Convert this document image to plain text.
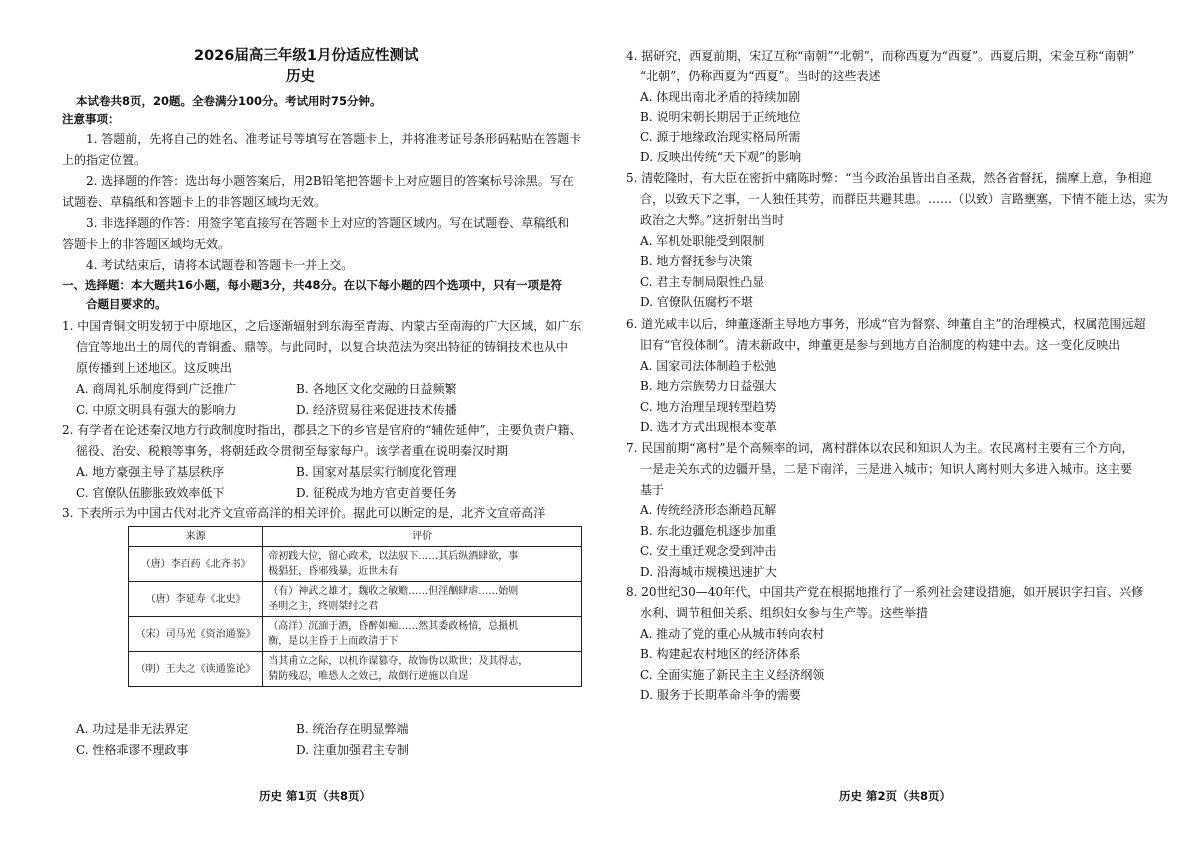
2026届高三年级1月份适应性测试
历史
本试卷共8页，20题。全卷满分100分。考试用时75分钟。
注意事项：
1. 答题前，先将自己的姓名、准考证号等填写在答题卡上，并将准考证号条形码粘贴在答题卡
上的指定位置。
2. 选择题的作答：选出每小题答案后，用2B铅笔把答题卡上对应题目的答案标号涂黑。写在
试题卷、草稿纸和答题卡上的非答题区域均无效。
3. 非选择题的作答：用签字笔直接写在答题卡上对应的答题区域内。写在试题卷、草稿纸和
答题卡上的非答题区域均无效。
4. 考试结束后，请将本试题卷和答题卡一并上交。
一、选择题：本大题共16小题，每小题3分，共48分。在以下每小题的四个选项中，只有一项是符
合题目要求的。
1. 中国青铜文明发轫于中原地区，之后逐渐辐射到东海至青海、内蒙古至南海的广大区域，如广东
信宜等地出土的周代的青铜盉、鼎等。与此同时，以复合块范法为突出特征的铸铜技术也从中
原传播到上述地区。这反映出
A. 商周礼乐制度得到广泛推广	B. 各地区文化交融的日益频繁
C. 中原文明具有强大的影响力	D. 经济贸易往来促进技术传播
2. 有学者在论述秦汉地方行政制度时指出，郡县之下的乡官是官府的“辅佐延伸”，主要负责户籍、
徭役、治安、税粮等事务，将朝廷政令贯彻至每家每户。该学者重在说明秦汉时期
A. 地方豪强主导了基层秩序	B. 国家对基层实行制度化管理
C. 官僚队伍膨胀致效率低下	D. 征税成为地方官吏首要任务
3. 下表所示为中国古代对北齐文宣帝高洋的相关评价。据此可以断定的是，北齐文宣帝高洋
来源	评价
（唐）李百药《北齐书》	帝初践大位，留心政术，以法驭下……其后纵酒肆欲，事
极猖狂，昏邪残暴，近世未有

（唐）李延寿《北史》	（有）神武之雄才，魏收之敏赡……但淫酗肆虐……始则
圣明之主，终则桀纣之君

（宋）司马光《资治通鉴》	（高洋）沉湎于酒，昏醉如痴……然其委政杨愔，总摄机
衡，是以主昏于上而政清于下

（明）王夫之《读通鉴论》	当其甫立之际，以机诈谋篡夺，故饰伪以欺世；及其得志，
猜防残忍，唯恐人之效己，故倒行逆施以自逞
A. 功过是非无法界定	B. 统治存在明显弊端
C. 性格乖谬不理政事	D. 注重加强君主专制
历史 第1页（共8页）
4. 据研究，西夏前期，宋辽互称“南朝”“北朝”，而称西夏为“西夏”。西夏后期，宋金互称“南朝”
“北朝”，仍称西夏为“西夏”。当时的这些表述
A. 体现出南北矛盾的持续加剧
B. 说明宋朝长期居于正统地位
C. 源于地缘政治现实格局所需
D. 反映出传统“天下观”的影响
5. 清乾隆时，有大臣在密折中痛陈时弊：“当今政治虽皆出自圣裁，然各省督抚，揣摩上意，争相迎
合，以致天下之事，一人独任其劳，而群臣共避其患。……（以致）言路壅塞，下情不能上达，实为
政治之大弊。”这折射出当时
A. 军机处职能受到限制
B. 地方督抚参与决策
C. 君主专制局限性凸显
D. 官僚队伍腐朽不堪
6. 道光咸丰以后，绅董逐渐主导地方事务，形成“官为督察、绅董自主”的治理模式，权属范围远超
旧有“官役体制”。清末新政中，绅董更是参与到地方自治制度的构建中去。这一变化反映出
A. 国家司法体制趋于松弛
B. 地方宗族势力日益强大
C. 地方治理呈现转型趋势
D. 选才方式出现根本变革
7. 民国前期“离村”是个高频率的词，离村群体以农民和知识人为主。农民离村主要有三个方向，
一是走关东式的边疆开垦，二是下南洋，三是进入城市；知识人离村则大多进入城市。这主要
基于
A. 传统经济形态渐趋瓦解
B. 东北边疆危机逐步加重
C. 安土重迁观念受到冲击
D. 沿海城市规模迅速扩大
8. 20世纪30—40年代，中国共产党在根据地推行了一系列社会建设措施，如开展识字扫盲、兴修
水利、调节租佃关系、组织妇女参与生产等。这些举措
A. 推动了党的重心从城市转向农村
B. 构建起农村地区的经济体系
C. 全面实施了新民主主义经济纲领
D. 服务于长期革命斗争的需要
历史 第2页（共8页）
